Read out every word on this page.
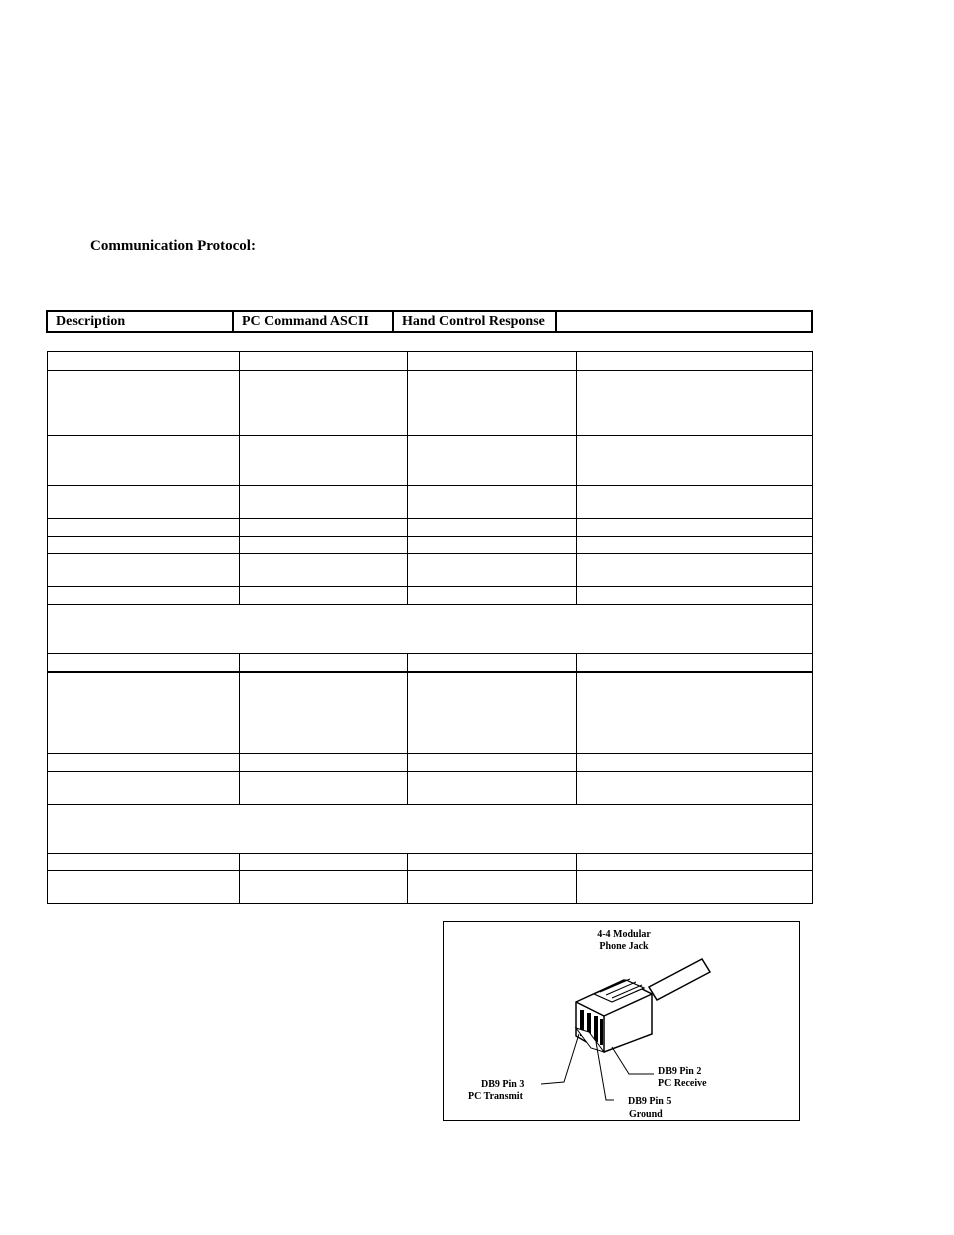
Communication Protocol:
Description	PC Command ASCII	Hand Control Response
4-4 Modular
Phone Jack
DB9 Pin 2
PC Receive
DB9 Pin 3
PC Transmit	DB9 Pin 5
Ground
